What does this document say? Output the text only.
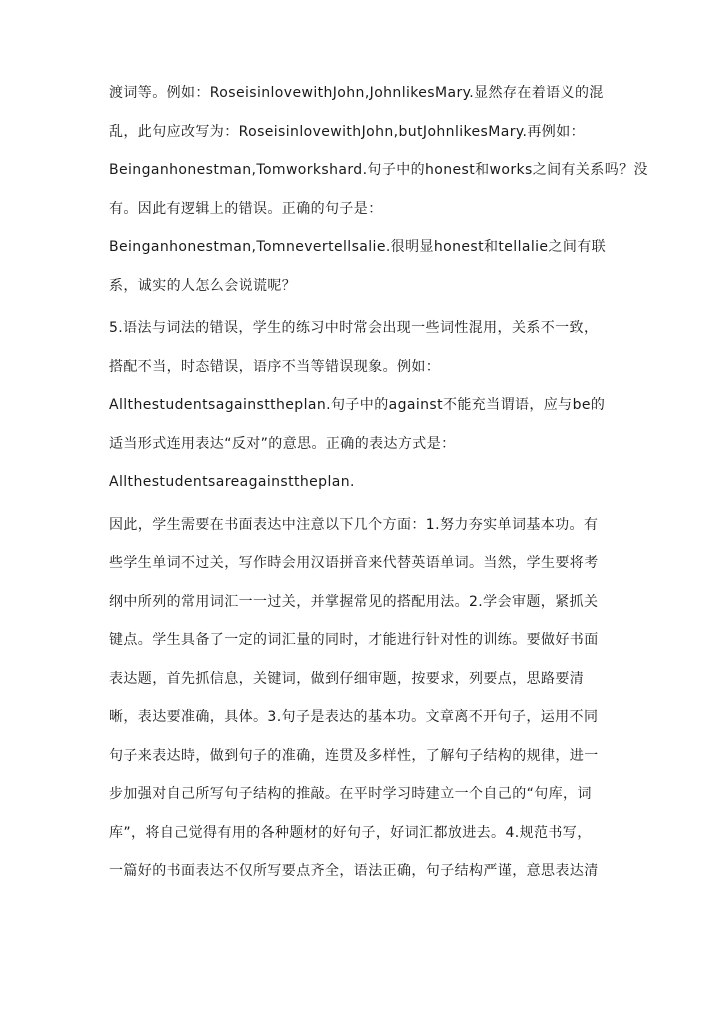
渡词等。例如：RoseisinlovewithJohn,JohnlikesMary.显然存在着语义的混

乱，此句应改写为：RoseisinlovewithJohn,butJohnlikesMary.再例如：

Beinganhonestman,Tomworkshard.句子中的honest和works之间有关系吗？没

有。因此有逻辑上的错误。正确的句子是：

Beinganhonestman,Tomnevertellsalie.很明显honest和tellalie之间有联

系，诚实的人怎么会说谎呢？

5.语法与词法的错误，学生的练习中时常会出现一些词性混用，关系不一致，

搭配不当，时态错误，语序不当等错误现象。例如：

Allthestudentsagainsttheplan.句子中的against不能充当谓语，应与be的

适当形式连用表达“反对”的意思。正确的表达方式是：

Allthestudentsareagainsttheplan.

因此，学生需要在书面表达中注意以下几个方面：1.努力夯实单词基本功。有

些学生单词不过关，写作時会用汉语拼音来代替英语单词。当然，学生要将考

纲中所列的常用词汇一一过关，并掌握常见的搭配用法。2.学会审题，紧抓关

键点。学生具备了一定的词汇量的同时，才能进行针对性的训练。要做好书面

表达题，首先抓信息，关键词，做到仔细审题，按要求，列要点，思路要清

晰，表达要准确，具体。3.句子是表达的基本功。文章离不开句子，运用不同

句子来表达時，做到句子的准确，连贯及多样性，了解句子结构的规律，进一

步加强对自己所写句子结构的推敲。在平时学习時建立一个自己的“句库，词

库”，将自己觉得有用的各种题材的好句子，好词汇都放进去。4.规范书写，

一篇好的书面表达不仅所写要点齐全，语法正确，句子结构严谨，意思表达清
